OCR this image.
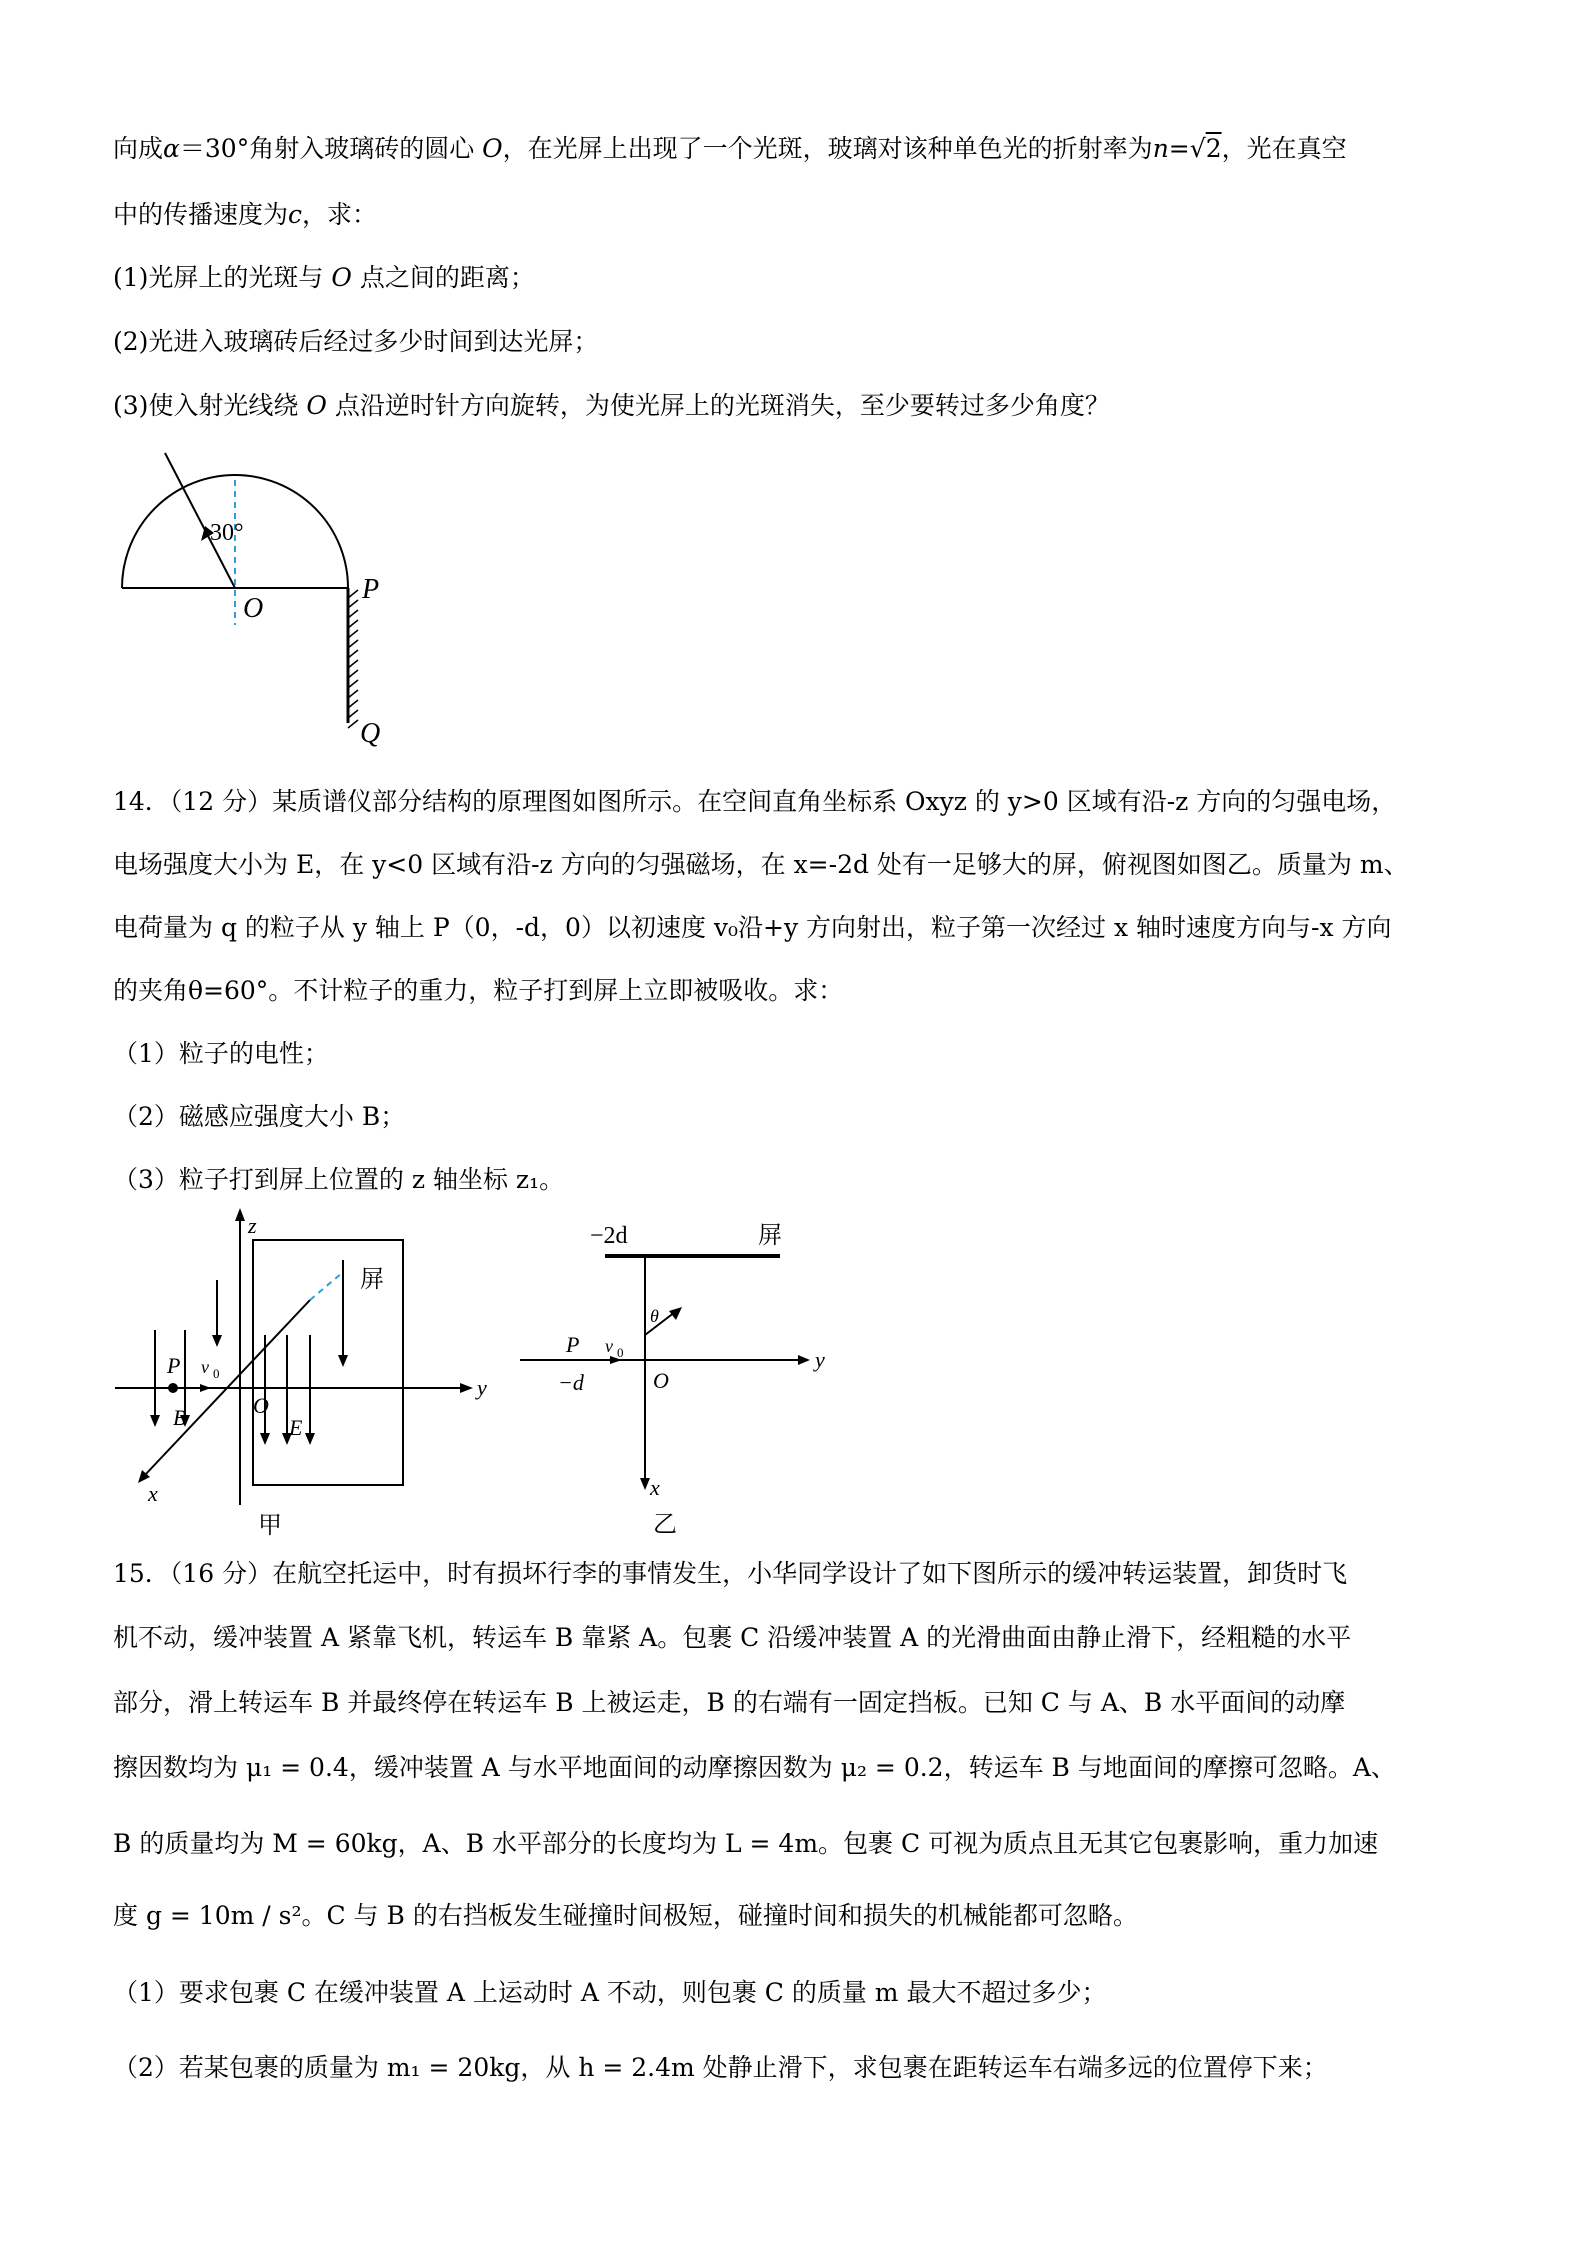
向成α＝30°角射入玻璃砖的圆心 O，在光屏上出现了一个光斑，玻璃对该种单色光的折射率为n=√2，光在真空
中的传播速度为c，求：
(1)光屏上的光斑与 O 点之间的距离；
(2)光进入玻璃砖后经过多少时间到达光屏；
(3)使入射光线绕 O 点沿逆时针方向旋转，为使光屏上的光斑消失，至少要转过多少角度？
30°
O
P
Q
14．（12 分）某质谱仪部分结构的原理图如图所示。在空间直角坐标系 Oxyz 的 y>0 区域有沿-z 方向的匀强电场，
电场强度大小为 E，在 y<0 区域有沿-z 方向的匀强磁场，在 x=-2d 处有一足够大的屏，俯视图如图乙。质量为 m、
电荷量为 q 的粒子从 y 轴上 P（0，-d，0）以初速度 v₀沿+y 方向射出，粒子第一次经过 x 轴时速度方向与-x 方向
的夹角θ=60°。不计粒子的重力，粒子打到屏上立即被吸收。求：
（1）粒子的电性；
（2）磁感应强度大小 B；
（3）粒子打到屏上位置的 z 轴坐标 z₁。
P v 0
B	O
E
z
屏
y
x
甲
−2d	屏
P v 0
−d	O
θ
y
x
乙
15．（16 分）在航空托运中，时有损坏行李的事情发生，小华同学设计了如下图所示的缓冲转运装置，卸货时飞
机不动，缓冲装置 A 紧靠飞机，转运车 B 靠紧 A。包裹 C 沿缓冲装置 A 的光滑曲面由静止滑下，经粗糙的水平
部分，滑上转运车 B 并最终停在转运车 B 上被运走，B 的右端有一固定挡板。已知 C 与 A、B 水平面间的动摩
擦因数均为 μ₁ = 0.4，缓冲装置 A 与水平地面间的动摩擦因数为 μ₂ = 0.2，转运车 B 与地面间的摩擦可忽略。A、
B 的质量均为 M = 60kg，A、B 水平部分的长度均为 L = 4m。包裹 C 可视为质点且无其它包裹影响，重力加速
度 g = 10m / s²。C 与 B 的右挡板发生碰撞时间极短，碰撞时间和损失的机械能都可忽略。
（1）要求包裹 C 在缓冲装置 A 上运动时 A 不动，则包裹 C 的质量 m 最大不超过多少；
（2）若某包裹的质量为 m₁ = 20kg，从 h = 2.4m 处静止滑下，求包裹在距转运车右端多远的位置停下来；
